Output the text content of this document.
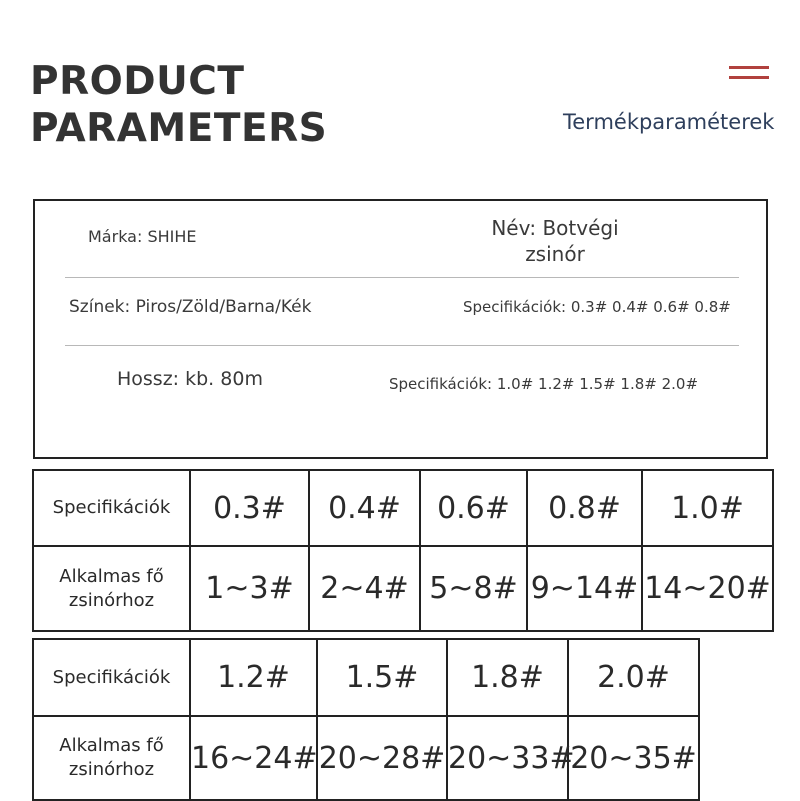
PRODUCT
PARAMETERS	Termékparaméterek
Márka: SHIHE	Név: Botvégi
zsinór
Színek: Piros/Zöld/Barna/Kék	Specifikációk: 0.3# 0.4# 0.6# 0.8#
Hossz: kb. 80m	Specifikációk: 1.0# 1.2# 1.5# 1.8# 2.0#
Specifikációk	0.3#	0.4#	0.6#	0.8#	1.0#

Alkalmas fő
zsinórhoz	1~3#	2~4#	5~8#	9~14#	14~20#
Specifikációk	1.2#	1.5#	1.8#	2.0#

Alkalmas fő
zsinórhoz	16~24#	20~28#	20~33#	20~35#
